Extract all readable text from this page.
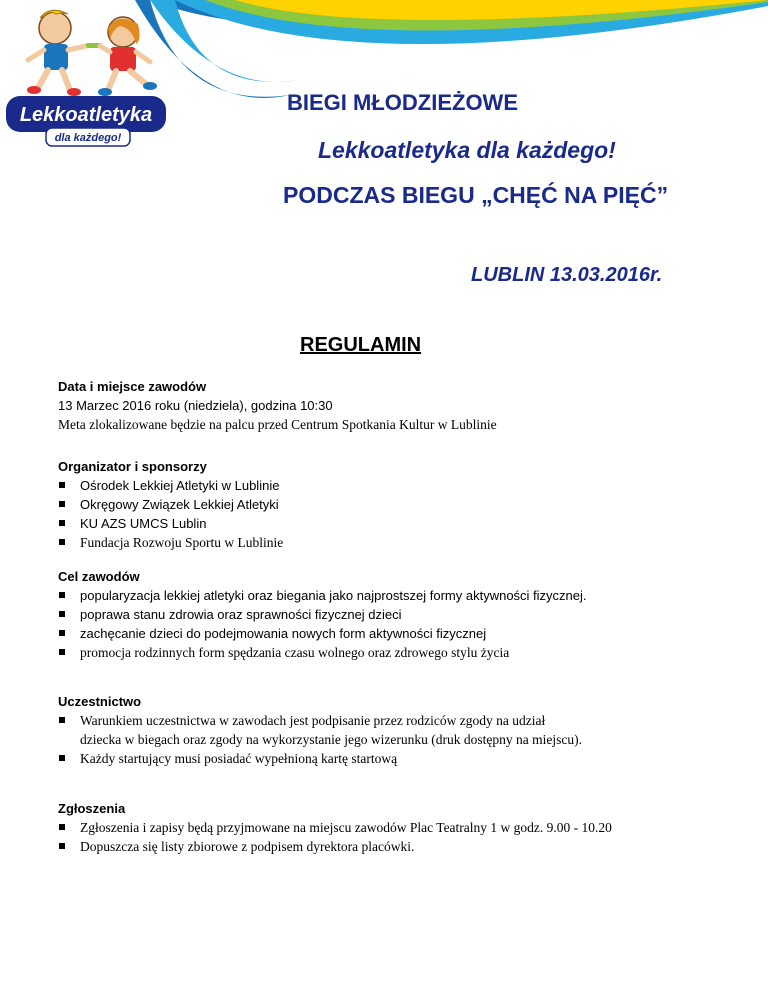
Lekkoatletyka
dla każdego!
BIEGI MŁODZIEŻOWE
Lekkoatletyka dla każdego!
PODCZAS BIEGU „CHĘĆ NA PIĘĆ”
LUBLIN 13.03.2016r.
REGULAMIN
Data i miejsce zawodów
13 Marzec 2016 roku (niedziela), godzina 10:30
Meta zlokalizowane będzie na palcu przed Centrum Spotkania Kultur w Lublinie
Organizator i sponsorzy
Ośrodek Lekkiej Atletyki w Lublinie
Okręgowy Związek Lekkiej Atletyki
KU AZS UMCS Lublin
Fundacja Rozwoju Sportu w Lublinie
Cel zawodów
popularyzacja lekkiej atletyki oraz biegania jako najprostszej formy aktywności fizycznej.
poprawa stanu zdrowia oraz sprawności fizycznej dzieci
zachęcanie dzieci do podejmowania nowych form aktywności fizycznej
promocja rodzinnych form spędzania czasu wolnego oraz zdrowego stylu życia
Uczestnictwo
Warunkiem uczestnictwa w zawodach jest podpisanie przez rodziców zgody na udział
dziecka w biegach oraz zgody na wykorzystanie jego wizerunku (druk dostępny na miejscu).
Każdy startujący musi posiadać wypełnioną kartę startową
Zgłoszenia
Zgłoszenia i zapisy będą przyjmowane na miejscu zawodów Plac Teatralny 1 w godz. 9.00 - 10.20
Dopuszcza się listy zbiorowe z podpisem dyrektora placówki.
